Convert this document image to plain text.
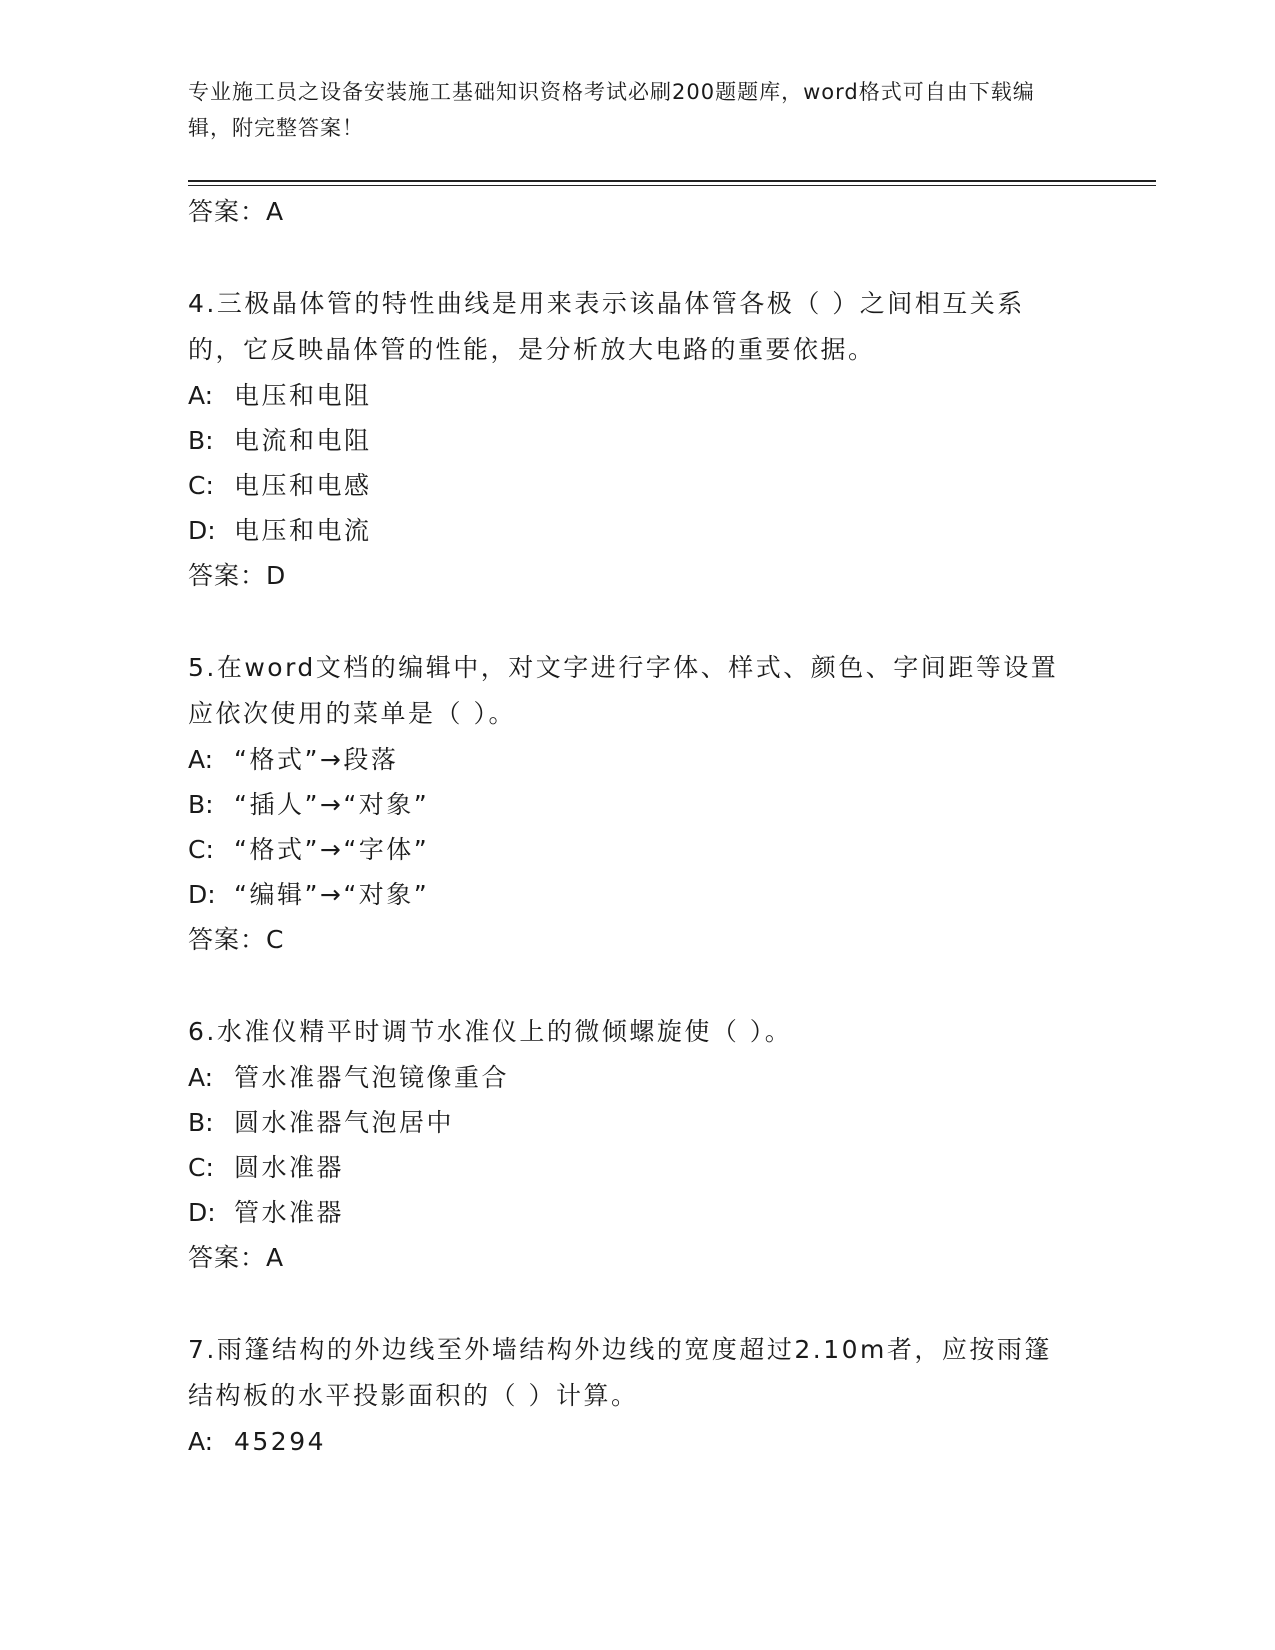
专业施工员之设备安装施工基础知识资格考试必刷200题题库，word格式可自由下载编辑，附完整答案！
答案：A
4.三极晶体管的特性曲线是用来表示该晶体管各极（ ）之间相互关系的，它反映晶体管的性能，是分析放大电路的重要依据。
A: 电压和电阻
B: 电流和电阻
C: 电压和电感
D: 电压和电流
答案：D
5.在word文档的编辑中，对文字进行字体、样式、颜色、字间距等设置应依次使用的菜单是（ ）。
A: “格式”→段落
B: “插人”→“对象”
C: “格式”→“字体”
D: “编辑”→“对象”
答案：C
6.水准仪精平时调节水准仪上的微倾螺旋使（ ）。
A: 管水准器气泡镜像重合
B: 圆水准器气泡居中
C: 圆水准器
D: 管水准器
答案：A
7.雨篷结构的外边线至外墙结构外边线的宽度超过2.10m者，应按雨篷结构板的水平投影面积的（ ）计算。
A: 45294
